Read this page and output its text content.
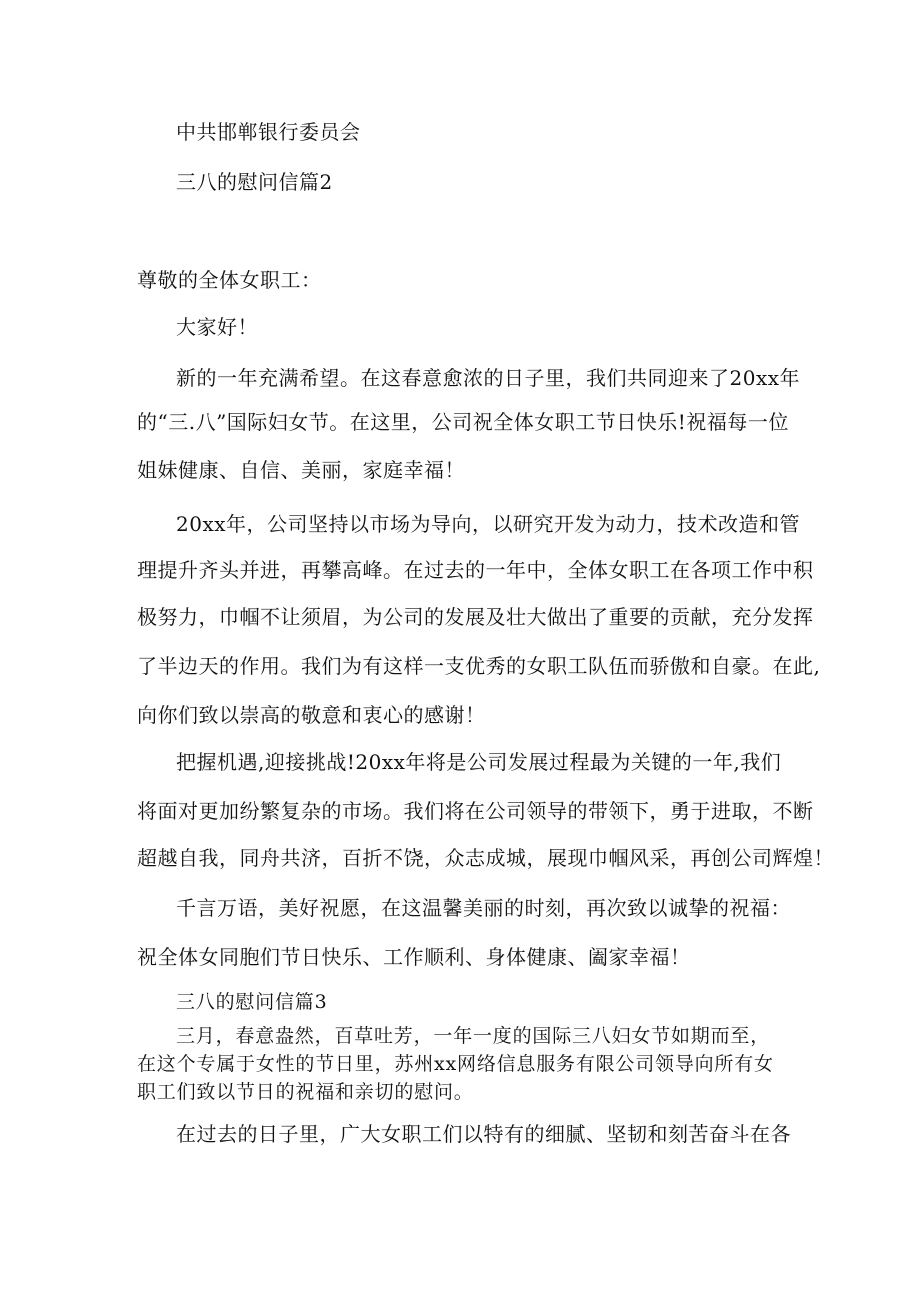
中共邯郸银行委员会

三八的慰问信篇2

尊敬的全体女职工：

大家好！

新的一年充满希望。在这春意愈浓的日子里，我们共同迎来了20xx年

的“三.八”国际妇女节。在这里，公司祝全体女职工节日快乐!祝福每一位

姐妹健康、自信、美丽，家庭幸福！

20xx年，公司坚持以市场为导向，以研究开发为动力，技术改造和管

理提升齐头并进，再攀高峰。在过去的一年中，全体女职工在各项工作中积

极努力，巾帼不让须眉，为公司的发展及壮大做出了重要的贡献，充分发挥

了半边天的作用。我们为有这样一支优秀的女职工队伍而骄傲和自豪。在此,

向你们致以崇高的敬意和衷心的感谢！

把握机遇,迎接挑战!20xx年将是公司发展过程最为关键的一年,我们

将面对更加纷繁复杂的市场。我们将在公司领导的带领下，勇于进取，不断

超越自我，同舟共济，百折不饶，众志成城，展现巾帼风采，再创公司辉煌！

千言万语，美好祝愿，在这温馨美丽的时刻，再次致以诚挚的祝福：

祝全体女同胞们节日快乐、工作顺利、身体健康、阖家幸福！

三八的慰问信篇3

三月，春意盎然，百草吐芳，一年一度的国际三八妇女节如期而至，

在这个专属于女性的节日里，苏州xx网络信息服务有限公司领导向所有女

职工们致以节日的祝福和亲切的慰问。

在过去的日子里，广大女职工们以特有的细腻、坚韧和刻苦奋斗在各
